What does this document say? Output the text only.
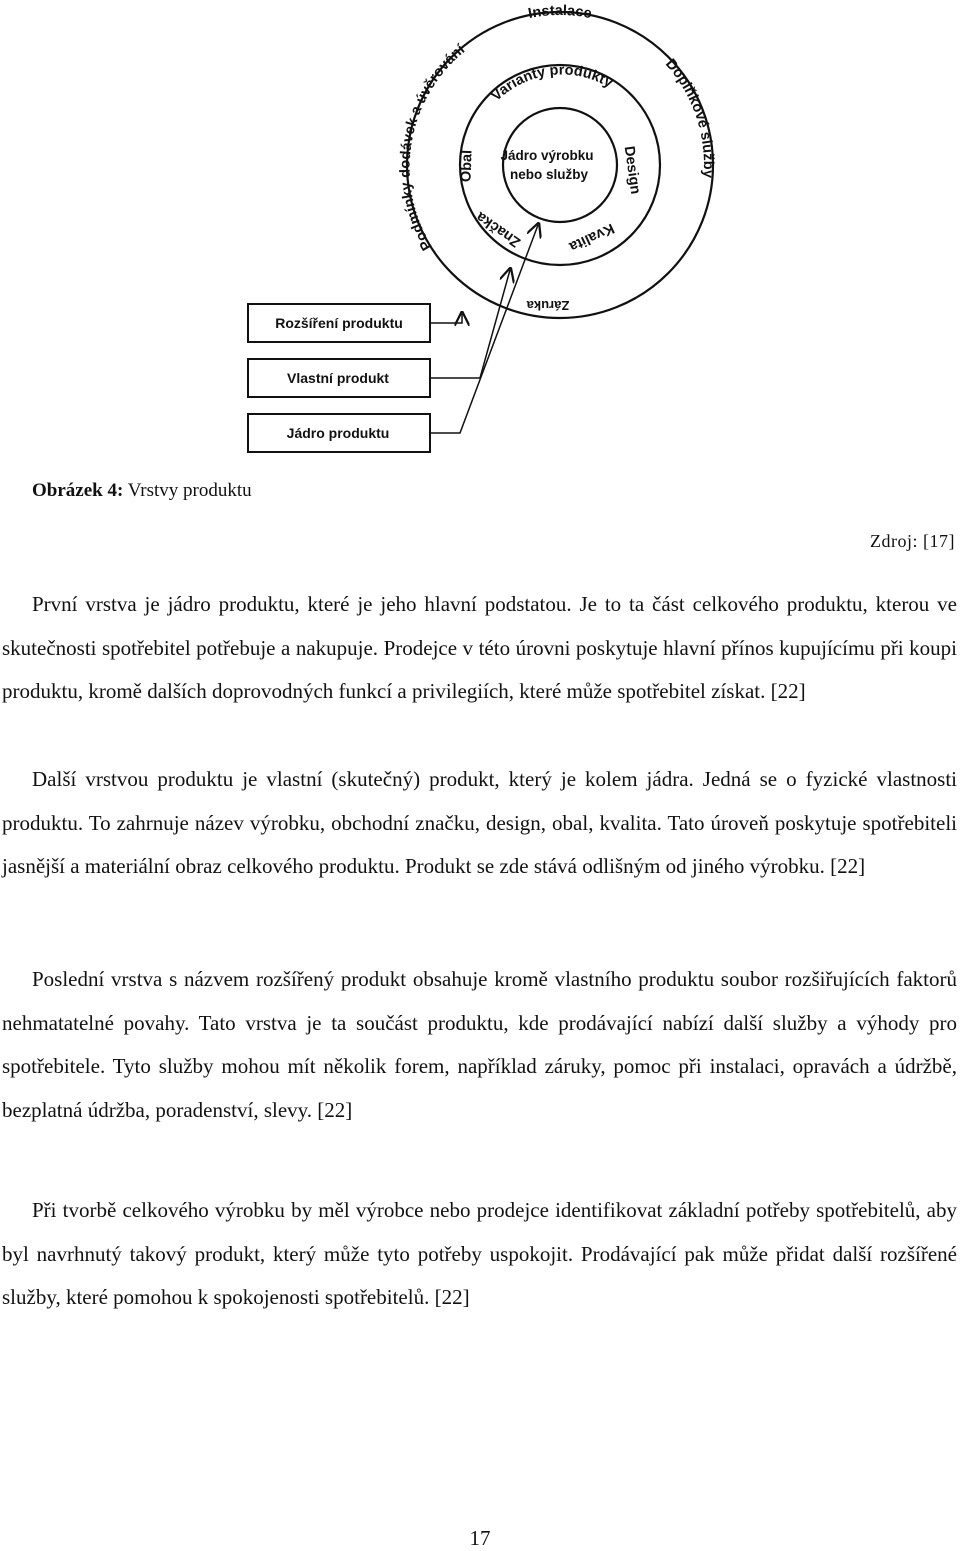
Instalace
Podmínky dodávek a úvěrování
Doplňkové služby
Záruka
Varianty produkty
Obal	Design
Značka	Kvalita
Jádro výrobku
nebo služby
Rozšíření produktu
Vlastní produkt
Jádro produktu
Obrázek 4: Vrstvy produktu
Zdroj: [17]

První vrstva je jádro produktu, které je jeho hlavní podstatou. Je to ta část celkového produktu, kterou ve skutečnosti spotřebitel potřebuje a nakupuje. Prodejce v této úrovni poskytuje hlavní přínos kupujícímu při koupi produktu, kromě dalších doprovodných funkcí a privilegiích, které může spotřebitel získat. [22]

Další vrstvou produktu je vlastní (skutečný) produkt, který je kolem jádra. Jedná se o fyzické vlastnosti produktu. To zahrnuje název výrobku, obchodní značku, design, obal, kvalita. Tato úroveň poskytuje spotřebiteli jasnější a materiální obraz celkového produktu. Produkt se zde stává odlišným od jiného výrobku. [22]

Poslední vrstva s názvem rozšířený produkt obsahuje kromě vlastního produktu soubor rozšiřujících faktorů nehmatatelné povahy. Tato vrstva je ta součást produktu, kde prodávající nabízí další služby a výhody pro spotřebitele. Tyto služby mohou mít několik forem, například záruky, pomoc při instalaci, opravách a údržbě, bezplatná údržba, poradenství, slevy. [22]

Při tvorbě celkového výrobku by měl výrobce nebo prodejce identifikovat základní potřeby spotřebitelů, aby byl navrhnutý takový produkt, který může tyto potřeby uspokojit. Prodávající pak může přidat další rozšířené služby, které pomohou k spokojenosti spotřebitelů. [22]

17
